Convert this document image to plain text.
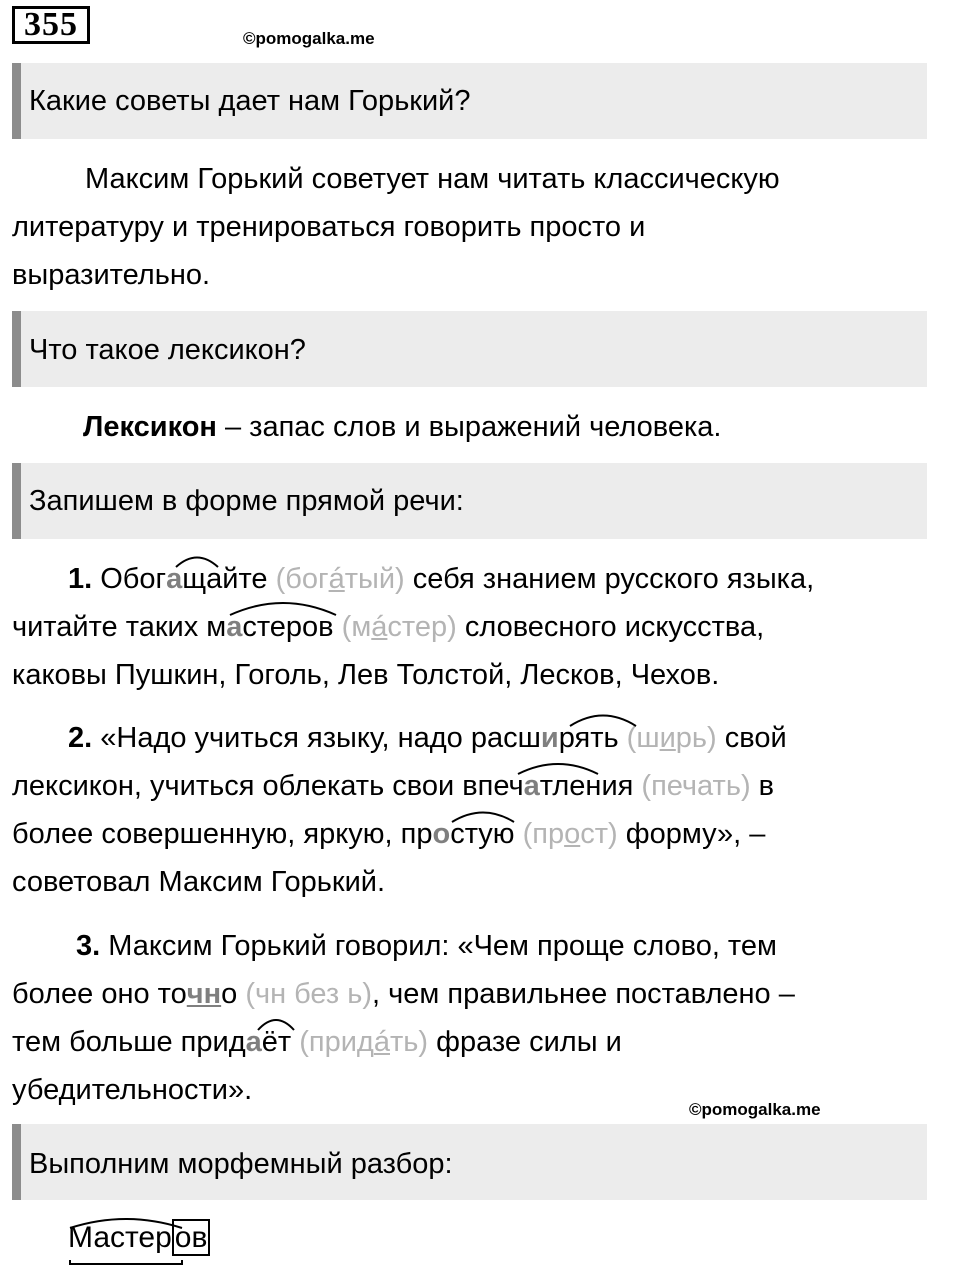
355	©pomogalka.me
Какие советы дает нам Горький?
Максим Горький советует нам читать классическую
литературу и тренироваться говорить просто и
выразительно.
Что такое лексикон?
Лексикон – запас слов и выражений человека.
Запишем в форме прямой речи:
1. Обогащайте (богáтый) себя знанием русского языка,
читайте таких мастеров (мáстер) словесного искусства,
каковы Пушкин, Гоголь, Лев Толстой, Лесков, Чехов.
2. «Надо учиться языку, надо расширять (ширь) свой
лексикон, учиться облекать свои впечатления (печать) в
более совершенную, яркую, простую (прост) форму», –
советовал Максим Горький.
3. Максим Горький говорил: «Чем проще слово, тем
более оно точно (чн без ь), чем правильнее поставлено –
тем больше придаёт (придáть) фразе силы и
убедительности».
©pomogalka.me
Выполним морфемный разбор:
Мастер ов
